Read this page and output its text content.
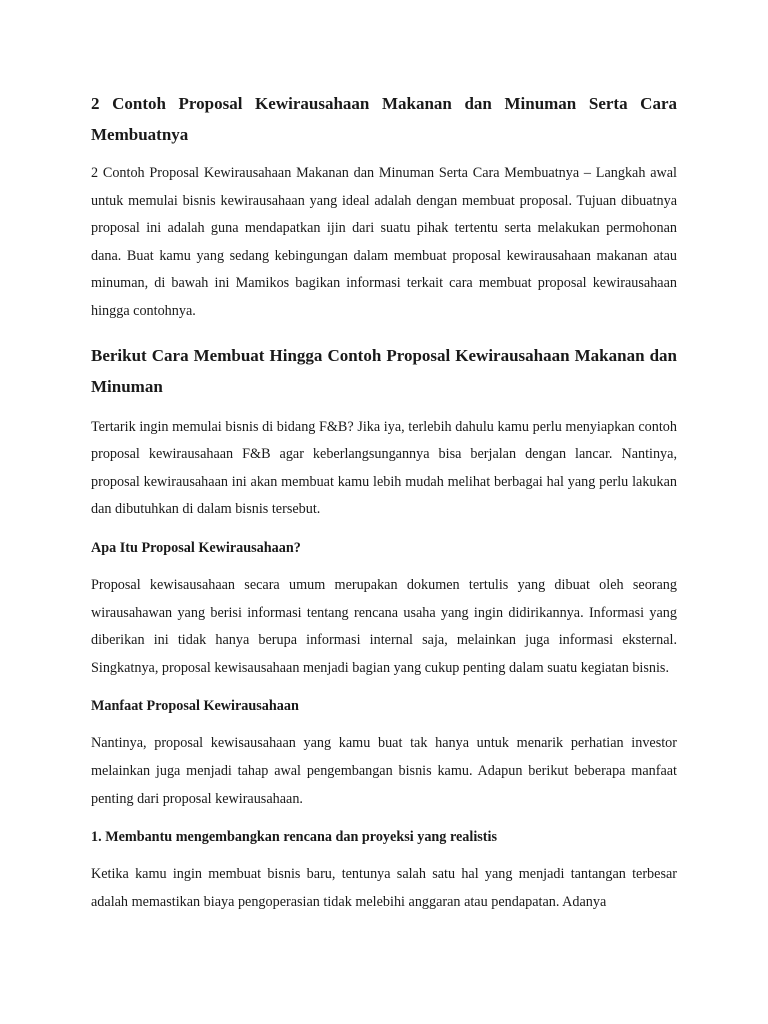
2 Contoh Proposal Kewirausahaan Makanan dan Minuman Serta Cara Membuatnya
2 Contoh Proposal Kewirausahaan Makanan dan Minuman Serta Cara Membuatnya – Langkah awal untuk memulai bisnis kewirausahaan yang ideal adalah dengan membuat proposal. Tujuan dibuatnya proposal ini adalah guna mendapatkan ijin dari suatu pihak tertentu serta melakukan permohonan dana. Buat kamu yang sedang kebingungan dalam membuat proposal kewirausahaan makanan atau minuman, di bawah ini Mamikos bagikan informasi terkait cara membuat proposal kewirausahaan hingga contohnya.
Berikut Cara Membuat Hingga Contoh Proposal Kewirausahaan Makanan dan Minuman
Tertarik ingin memulai bisnis di bidang F&B? Jika iya, terlebih dahulu kamu perlu menyiapkan contoh proposal kewirausahaan F&B agar keberlangsungannya bisa berjalan dengan lancar. Nantinya, proposal kewirausahaan ini akan membuat kamu lebih mudah melihat berbagai hal yang perlu lakukan dan dibutuhkan di dalam bisnis tersebut.
Apa Itu Proposal Kewirausahaan?
Proposal kewisausahaan secara umum merupakan dokumen tertulis yang dibuat oleh seorang wirausahawan yang berisi informasi tentang rencana usaha yang ingin didirikannya. Informasi yang diberikan ini tidak hanya berupa informasi internal saja, melainkan juga informasi eksternal. Singkatnya, proposal kewisausahaan menjadi bagian yang cukup penting dalam suatu kegiatan bisnis.
Manfaat Proposal Kewirausahaan
Nantinya, proposal kewisausahaan yang kamu buat tak hanya untuk menarik perhatian investor melainkan juga menjadi tahap awal pengembangan bisnis kamu. Adapun berikut beberapa manfaat penting dari proposal kewirausahaan.
1. Membantu mengembangkan rencana dan proyeksi yang realistis
Ketika kamu ingin membuat bisnis baru, tentunya salah satu hal yang menjadi tantangan terbesar adalah memastikan biaya pengoperasian tidak melebihi anggaran atau pendapatan. Adanya
